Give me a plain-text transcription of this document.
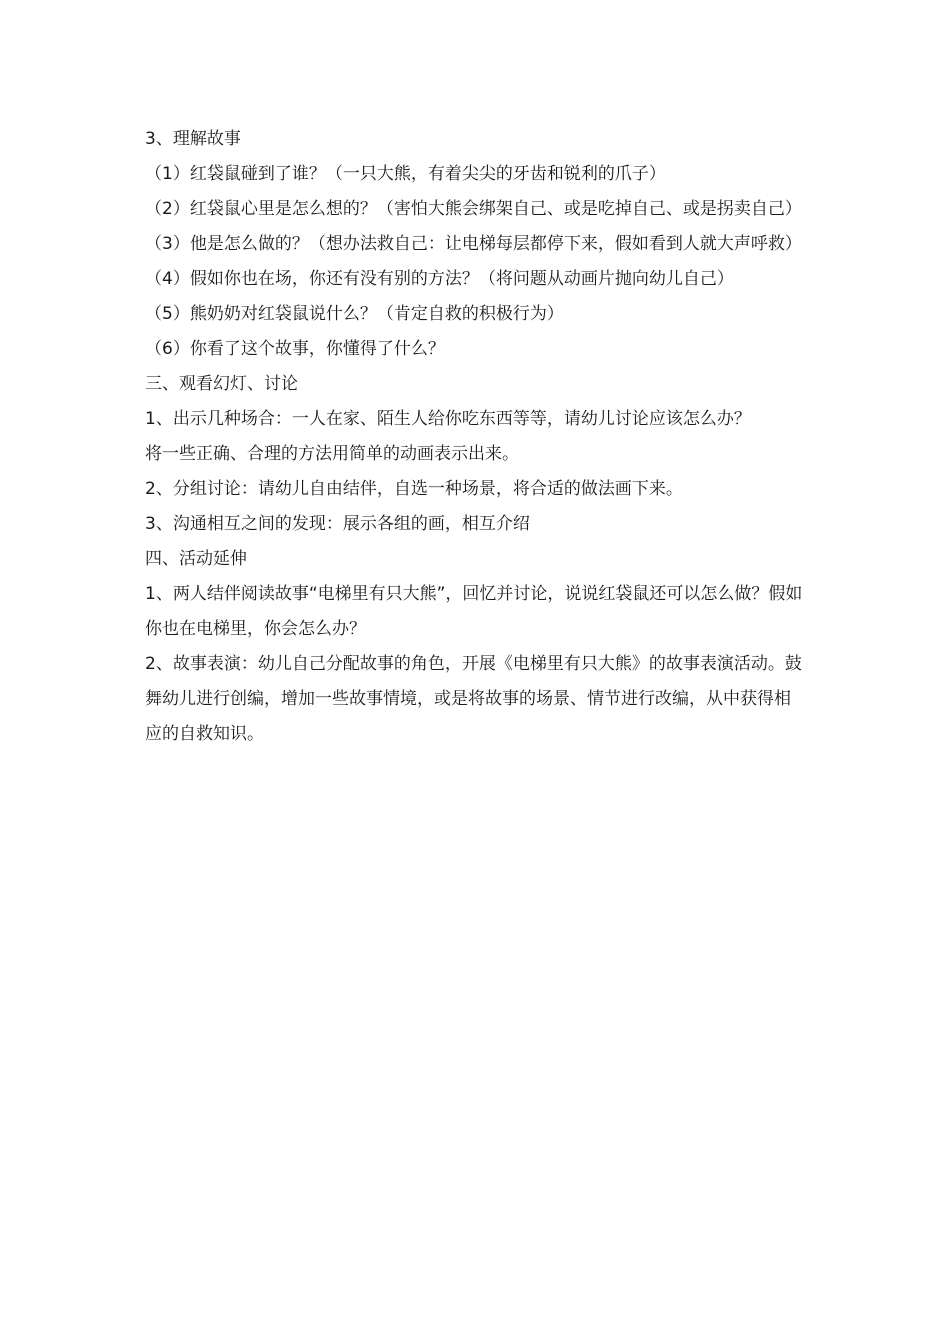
3、理解故事

（1）红袋鼠碰到了谁？（一只大熊，有着尖尖的牙齿和锐利的爪子）

（2）红袋鼠心里是怎么想的？（害怕大熊会绑架自己、或是吃掉自己、或是拐卖自己）

（3）他是怎么做的？（想办法救自己：让电梯每层都停下来，假如看到人就大声呼救）

（4）假如你也在场，你还有没有别的方法？（将问题从动画片抛向幼儿自己）

（5）熊奶奶对红袋鼠说什么？（肯定自救的积极行为）

（6）你看了这个故事，你懂得了什么？

三、观看幻灯、讨论

1、出示几种场合：一人在家、陌生人给你吃东西等等，请幼儿讨论应该怎么办？

将一些正确、合理的方法用简单的动画表示出来。

2、分组讨论：请幼儿自由结伴，自选一种场景，将合适的做法画下来。

3、沟通相互之间的发现：展示各组的画，相互介绍

四、活动延伸

1、两人结伴阅读故事“电梯里有只大熊”，回忆并讨论，说说红袋鼠还可以怎么做？假如你也在电梯里，你会怎么办？

2、故事表演：幼儿自己分配故事的角色，开展《电梯里有只大熊》的故事表演活动。鼓舞幼儿进行创编，增加一些故事情境，或是将故事的场景、情节进行改编，从中获得相应的自救知识。
